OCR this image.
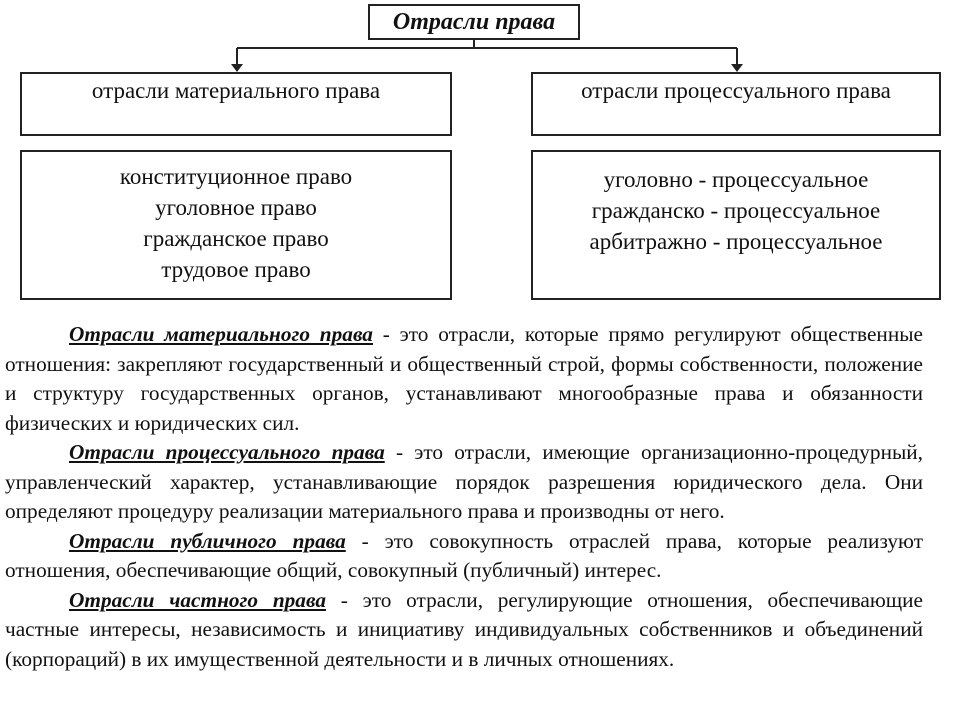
Отрасли права
отрасли материального права	отрасли процессуального права
конституционное право
уголовное право
гражданское право
трудовое право
уголовно - процессуальное
гражданско - процессуальное
арбитражно - процессуальное

Отрасли материального права - это отрасли, которые прямо регулируют общественные отношения: закрепляют государственный и общественный строй, формы собственности, положение и структуру государственных органов, устанавливают многообразные права и обязанности физических и юридических сил.

Отрасли процессуального права - это отрасли, имеющие организационно-процедурный, управленческий характер, устанавливающие порядок разрешения юридического дела. Они определяют процедуру реализации материального права и производны от него.

Отрасли публичного права - это совокупность отраслей права, которые реализуют отношения, обеспечивающие общий, совокупный (публичный) интерес.

Отрасли частного права - это отрасли, регулирующие отношения, обеспечивающие частные интересы, независимость и инициативу индивидуальных собственников и объединений (корпораций) в их имущественной деятельности и в личных отношениях.
